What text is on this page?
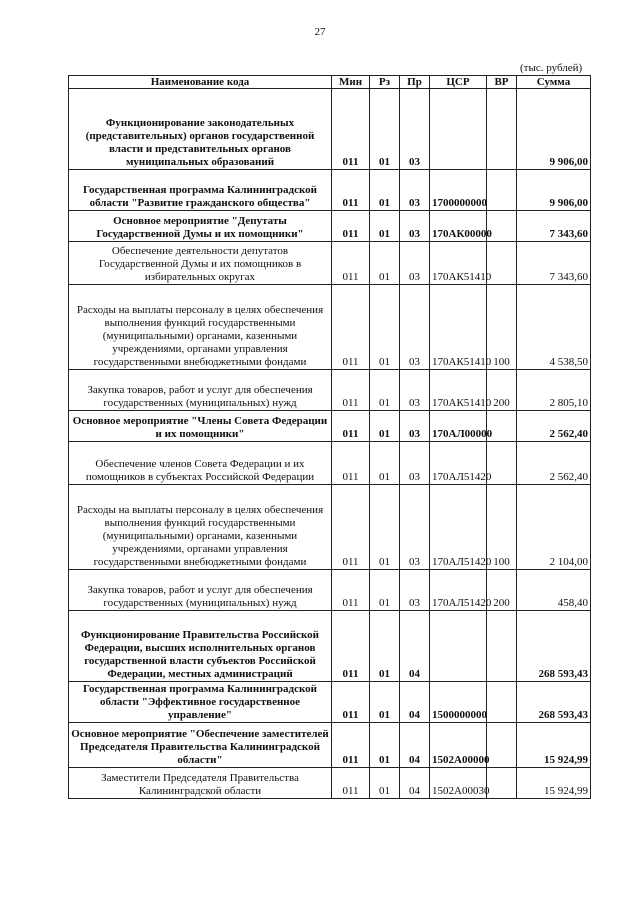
27
(тыс. рублей)
Наименование кода	Мин	Рз	Пр	ЦСР	ВР	Сумма
Функционирование законодательных (представительных) органов государственной власти и представительных органов муниципальных образований	011	01	03			9 906,00
Государственная программа Калининградской области "Развитие гражданского общества"	011	01	03	1700000000		9 906,00
Основное мероприятие "Депутаты Государственной Думы и их помощники"	011	01	03	170АК00000		7 343,60
Обеспечение деятельности депутатов Государственной Думы и их помощников в избирательных округах	011	01	03	170АК51410		7 343,60
Расходы на выплаты персоналу в целях обеспечения выполнения функций государственными (муниципальными) органами, казенными учреждениями, органами управления государственными внебюджетными фондами	011	01	03	170АК51410	100	4 538,50
Закупка товаров, работ и услуг для обеспечения государственных (муниципальных) нужд	011	01	03	170АК51410	200	2 805,10
Основное мероприятие "Члены Совета Федерации и их помощники"	011	01	03	170АЛ00000		2 562,40
Обеспечение членов Совета Федерации и их помощников в субъектах Российской Федерации	011	01	03	170АЛ51420		2 562,40
Расходы на выплаты персоналу в целях обеспечения выполнения функций государственными (муниципальными) органами, казенными учреждениями, органами управления государственными внебюджетными фондами	011	01	03	170АЛ51420	100	2 104,00
Закупка товаров, работ и услуг для обеспечения государственных (муниципальных) нужд	011	01	03	170АЛ51420	200	458,40
Функционирование Правительства Российской Федерации, высших исполнительных органов государственной власти субъектов Российской Федерации, местных администраций	011	01	04			268 593,43
Государственная программа Калининградской области "Эффективное государственное управление"	011	01	04	1500000000		268 593,43
Основное мероприятие "Обеспечение заместителей Председателя Правительства Калининградской области"	011	01	04	1502А00000		15 924,99
Заместители Председателя Правительства Калининградской области	011	01	04	1502А00030		15 924,99
